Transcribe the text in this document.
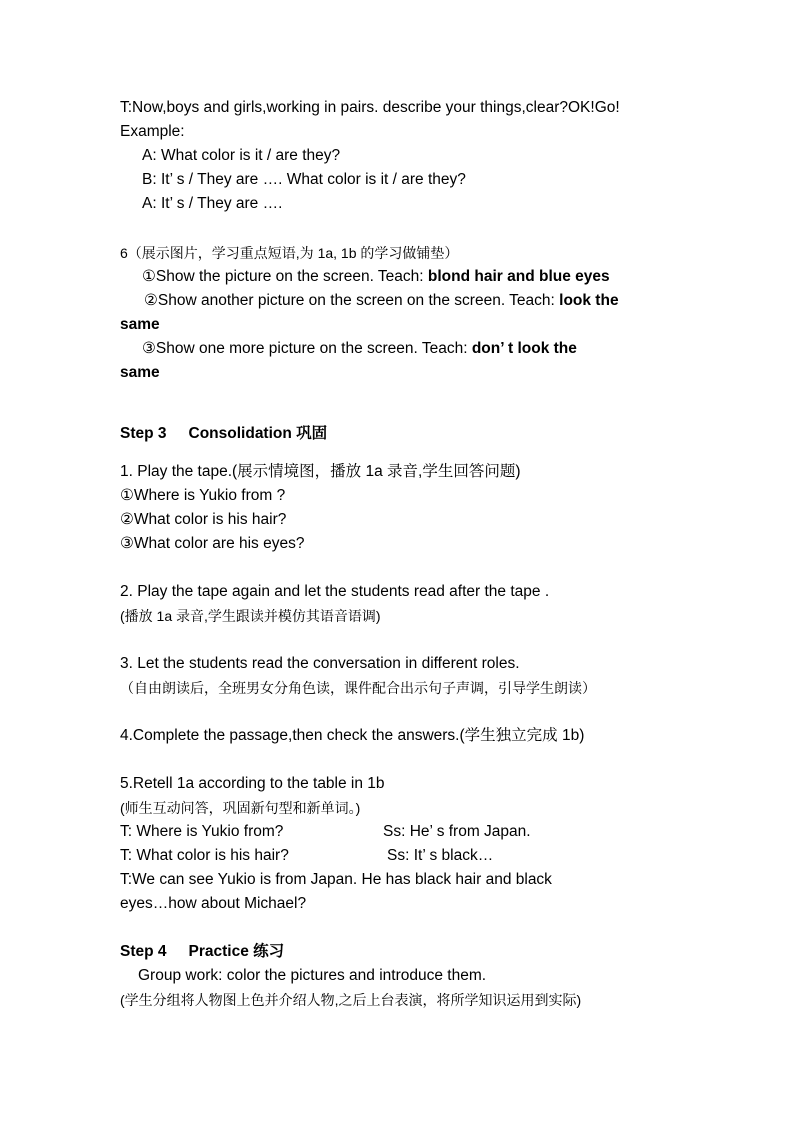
T:Now,boys and girls,working in pairs. describe your things,clear?OK!Go!
Example:
A: What color is it / are they?
B: It’ s / They are …. What color is it / are they?
A: It’ s / They are ….
6（展示图片，学习重点短语,为 1a, 1b 的学习做铺垫）
①Show the picture on the screen. Teach: blond hair and blue eyes
②Show another picture on the screen on the screen. Teach: look the
same
③Show one more picture on the screen. Teach: don’ t look the
same
Step 3 Consolidation 巩固
1. Play the tape.(展示情境图，播放 1a 录音,学生回答问题)
①Where is Yukio from ?
②What color is his hair?
③What color are his eyes?
2. Play the tape again and let the students read after the tape .
(播放 1a 录音,学生跟读并模仿其语音语调)
3. Let the students read the conversation in different roles.
（自由朗读后，全班男女分角色读，课件配合出示句子声调，引导学生朗读）
4.Complete the passage,then check the answers.(学生独立完成 1b)
5.Retell 1a according to the table in 1b
(师生互动问答，巩固新句型和新单词。)
T: Where is Yukio from?	Ss: He’ s from Japan.
T: What color is his hair?	Ss: It’ s black…
T:We can see Yukio is from Japan. He has black hair and black
eyes…how about Michael?
Step 4 Practice 练习
Group work: color the pictures and introduce them.
(学生分组将人物图上色并介绍人物,之后上台表演，将所学知识运用到实际)
